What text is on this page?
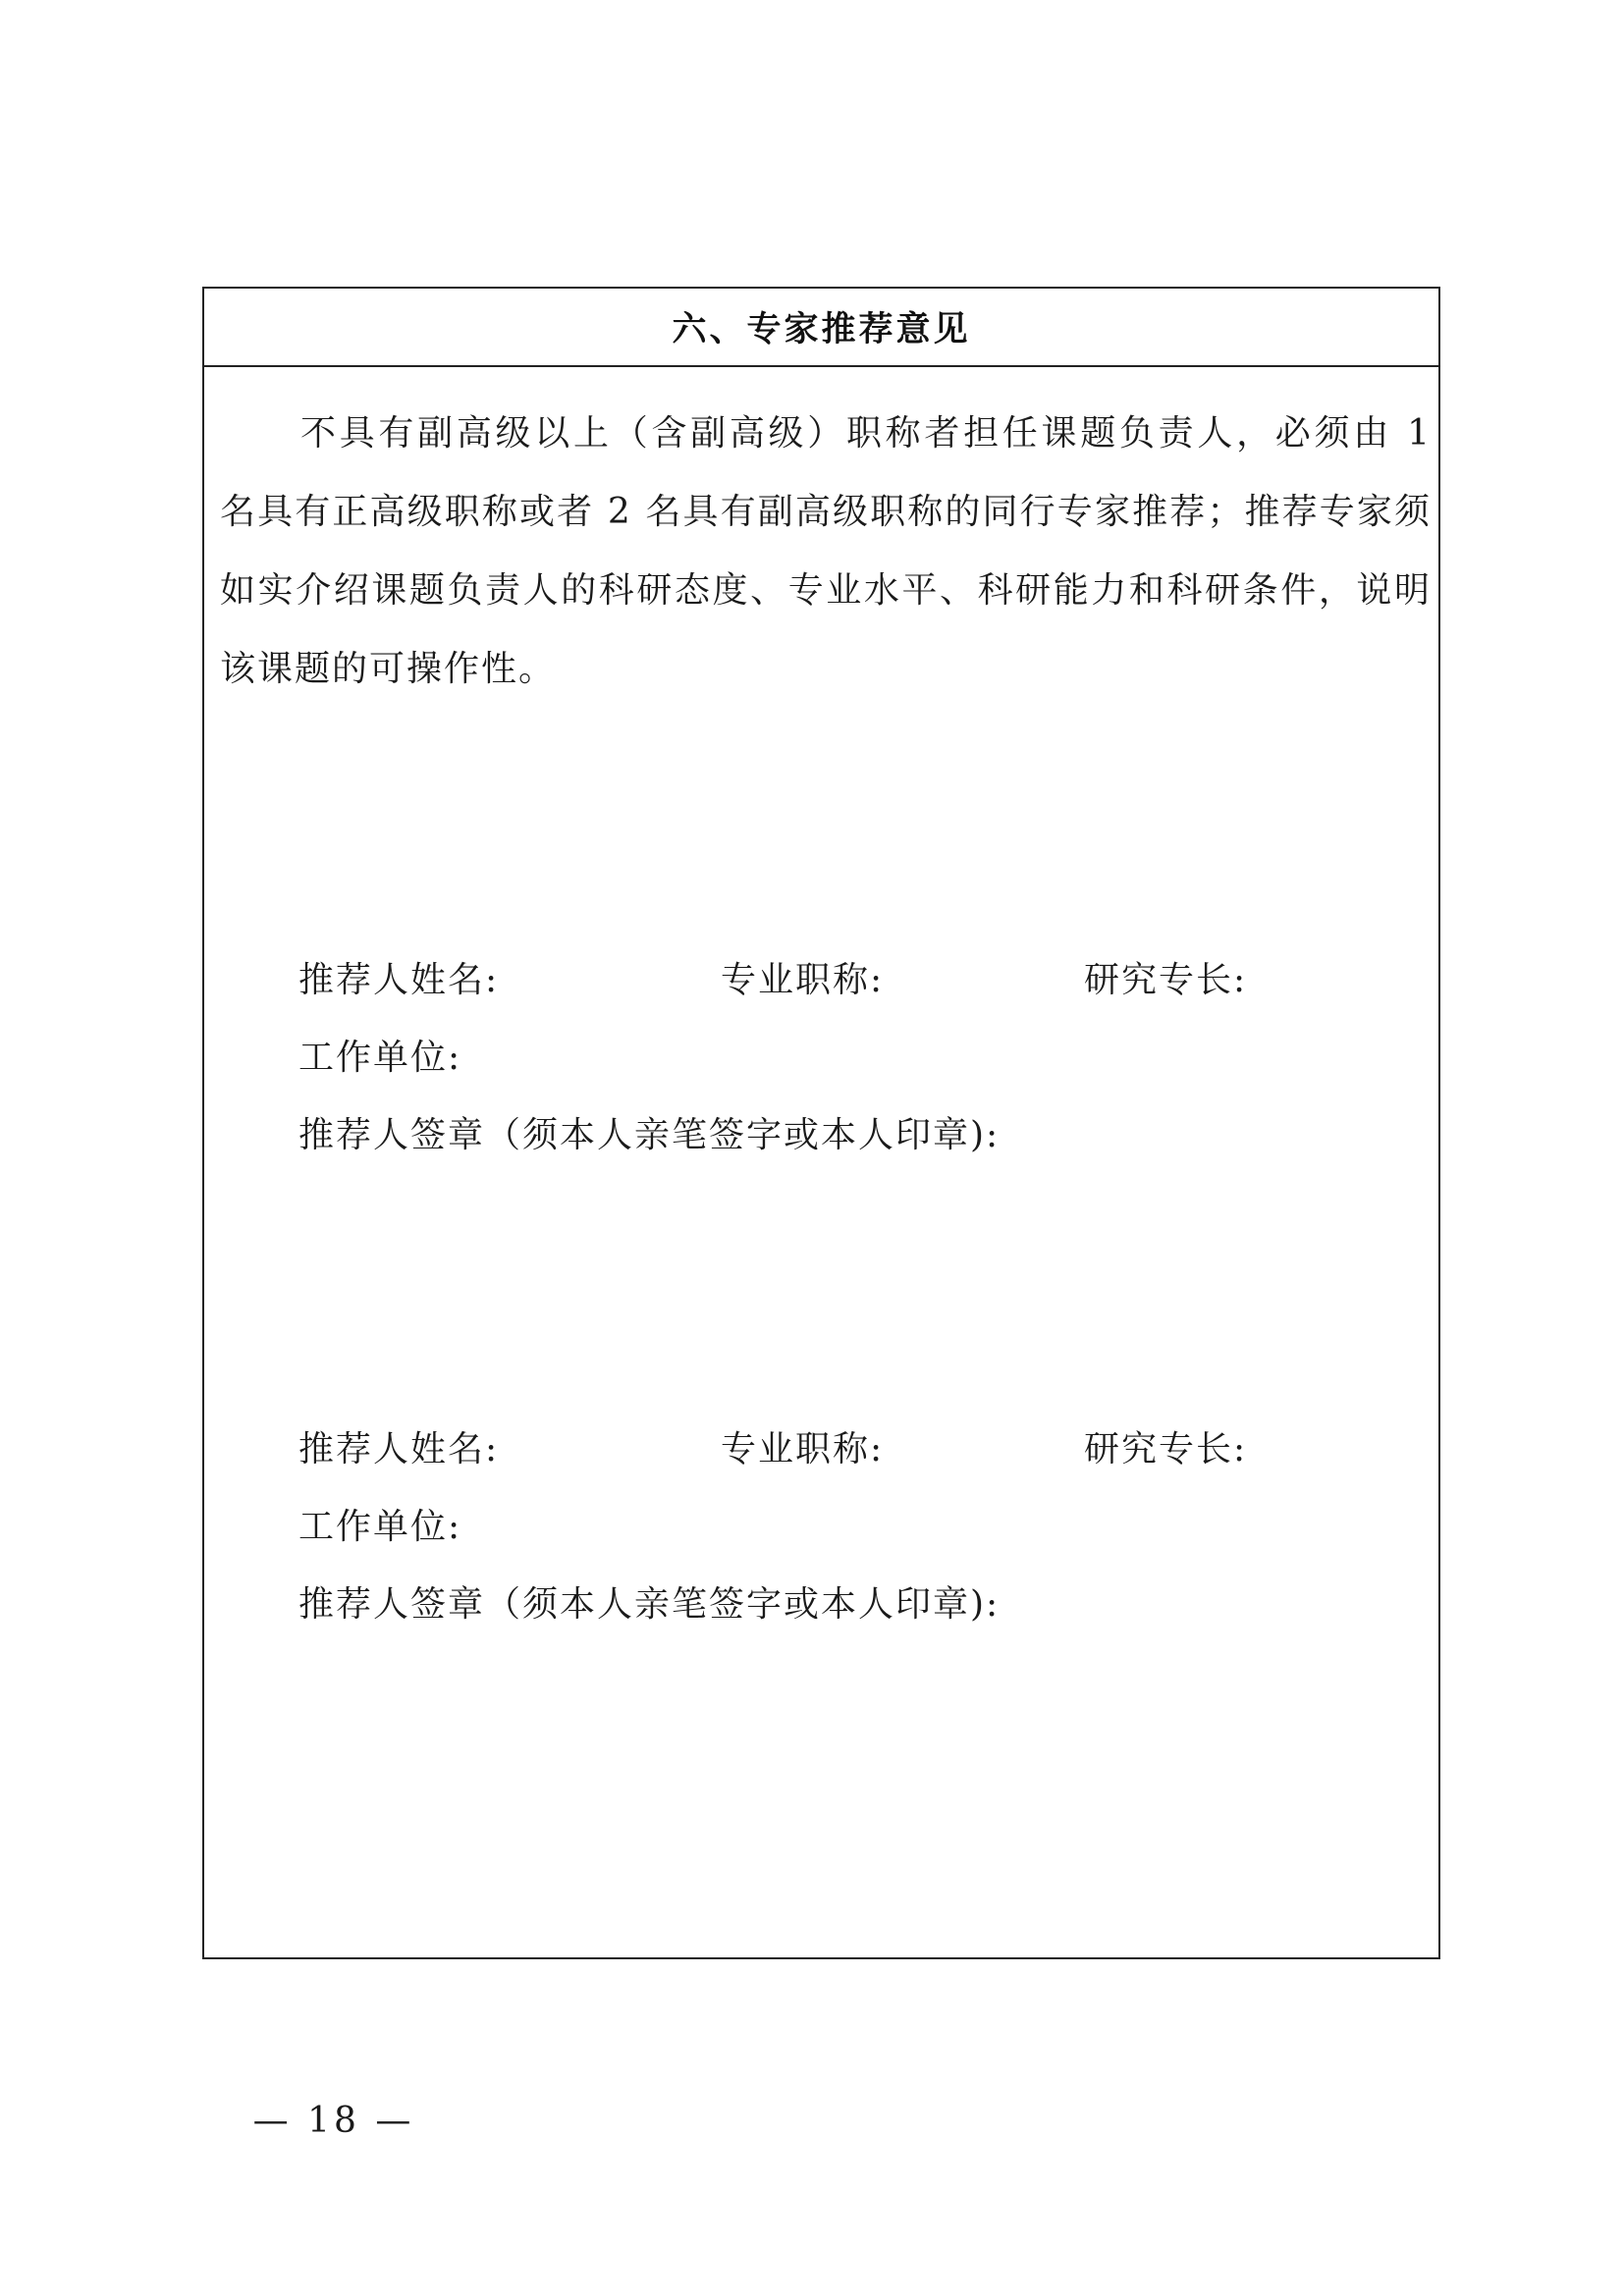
六、专家推荐意见

不具有副高级以上（含副高级）职称者担任课题负责人，必须由 1 名具有正高级职称或者 2 名具有副高级职称的同行专家推荐；推荐专家须如实介绍课题负责人的科研态度、专业水平、科研能力和科研条件，说明该课题的可操作性。

推荐人姓名:	专业职称:	研究专长:
工作单位:
推荐人签章（须本人亲笔签字或本人印章):
推荐人姓名:	专业职称:	研究专长:
工作单位:
推荐人签章（须本人亲笔签字或本人印章):
— 18 —
